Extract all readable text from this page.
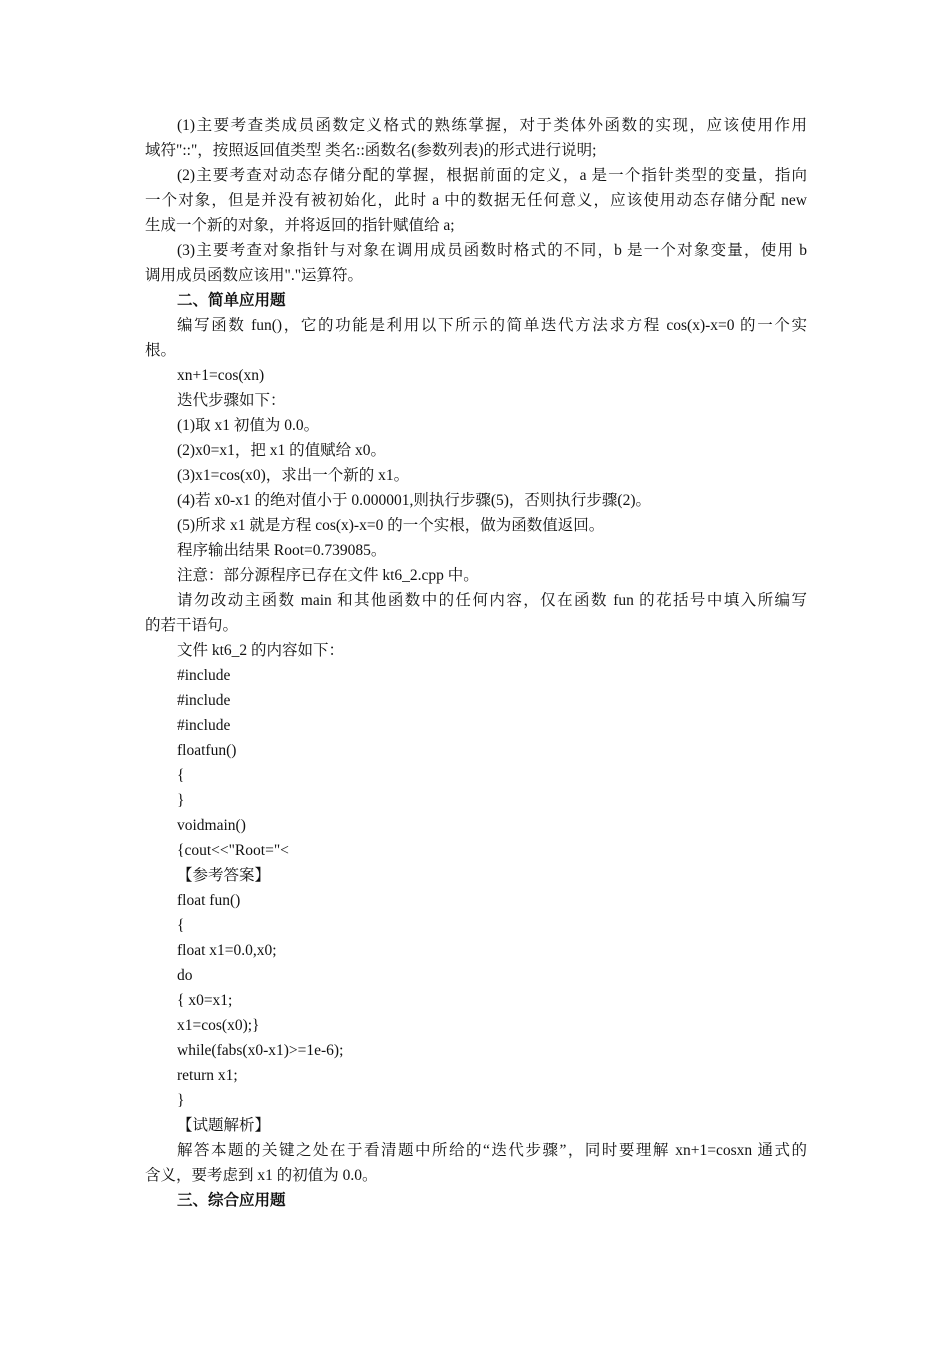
(1)主要考查类成员函数定义格式的熟练掌握，对于类体外函数的实现，应该使用作用
域符"::"，按照返回值类型 类名::函数名(参数列表)的形式进行说明;
(2)主要考查对动态存储分配的掌握，根据前面的定义，a 是一个指针类型的变量，指向
一个对象，但是并没有被初始化，此时 a 中的数据无任何意义，应该使用动态存储分配 new
生成一个新的对象，并将返回的指针赋值给 a;
(3)主要考查对象指针与对象在调用成员函数时格式的不同，b 是一个对象变量，使用 b
调用成员函数应该用"."运算符。
二、简单应用题
编写函数 fun()，它的功能是利用以下所示的简单迭代方法求方程 cos(x)-x=0 的一个实
根。
xn+1=cos(xn)
迭代步骤如下：
(1)取 x1 初值为 0.0。
(2)x0=x1，把 x1 的值赋给 x0。
(3)x1=cos(x0)，求出一个新的 x1。
(4)若 x0-x1 的绝对值小于 0.000001,则执行步骤(5)，否则执行步骤(2)。
(5)所求 x1 就是方程 cos(x)-x=0 的一个实根，做为函数值返回。
程序输出结果 Root=0.739085。
注意：部分源程序已存在文件 kt6_2.cpp 中。
请勿改动主函数 main 和其他函数中的任何内容，仅在函数 fun 的花括号中填入所编写
的若干语句。
文件 kt6_2 的内容如下：
#include
#include
#include
floatfun()
{
}
voidmain()
{cout<<"Root="<
【参考答案】
float fun()
{
float x1=0.0,x0;
do
{ x0=x1;
x1=cos(x0);}
while(fabs(x0-x1)>=1e-6);
return x1;
}
【试题解析】
解答本题的关键之处在于看清题中所给的“迭代步骤”，同时要理解 xn+1=cosxn 通式的
含义，要考虑到 x1 的初值为 0.0。
三、综合应用题
